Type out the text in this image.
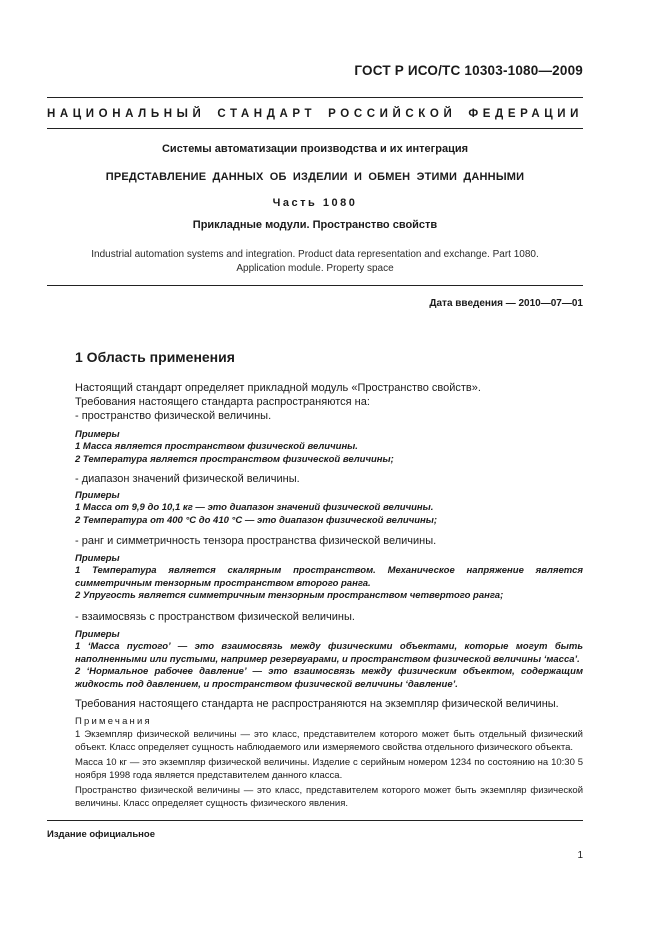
ГОСТ Р ИСО/ТС 10303-1080—2009
НАЦИОНАЛЬНЫЙ СТАНДАРТ РОССИЙСКОЙ ФЕДЕРАЦИИ
Системы автоматизации производства и их интеграция
ПРЕДСТАВЛЕНИЕ ДАННЫХ ОБ ИЗДЕЛИИ И ОБМЕН ЭТИМИ ДАННЫМИ
Часть 1080
Прикладные модули. Пространство свойств
Industrial automation systems and integration. Product data representation and exchange. Part 1080.
Application module. Property space
Дата введения — 2010—07—01
1 Область применения
Настоящий стандарт определяет прикладной модуль «Пространство свойств».
Требования настоящего стандарта распространяются на:
- пространство физической величины.
Примеры
1 Масса является пространством физической величины.
2 Температура является пространством физической величины;
- диапазон значений физической величины.
Примеры
1 Масса от 9,9 до 10,1 кг — это диапазон значений физической величины.
2 Температура от 400 °С до 410 °С — это диапазон физической величины;
- ранг и симметричность тензора пространства физической величины.
Примеры
1 Температура является скалярным пространством. Механическое напряжение является симметричным тензорным пространством второго ранга.
2 Упругость является симметричным тензорным пространством четвертого ранга;
- взаимосвязь с пространством физической величины.
Примеры
1 ‘Масса пустого’ — это взаимосвязь между физическими объектами, которые могут быть наполненными или пустыми, например резервуарами, и пространством физической величины ‘масса’.
2 ‘Нормальное рабочее давление’ — это взаимосвязь между физическим объектом, содержащим жидкость под давлением, и пространством физической величины ‘давление’.
Требования настоящего стандарта не распространяются на экземпляр физической величины.
Примечания
1 Экземпляр физической величины — это класс, представителем которого может быть отдельный физический объект. Класс определяет сущность наблюдаемого или измеряемого свойства отдельного физического объекта.
Масса 10 кг — это экземпляр физической величины. Изделие с серийным номером 1234 по состоянию на 10:30 5 ноября 1998 года является представителем данного класса.
Пространство физической величины — это класс, представителем которого может быть экземпляр физической величины. Класс определяет сущность физического явления.
Издание официальное
1
